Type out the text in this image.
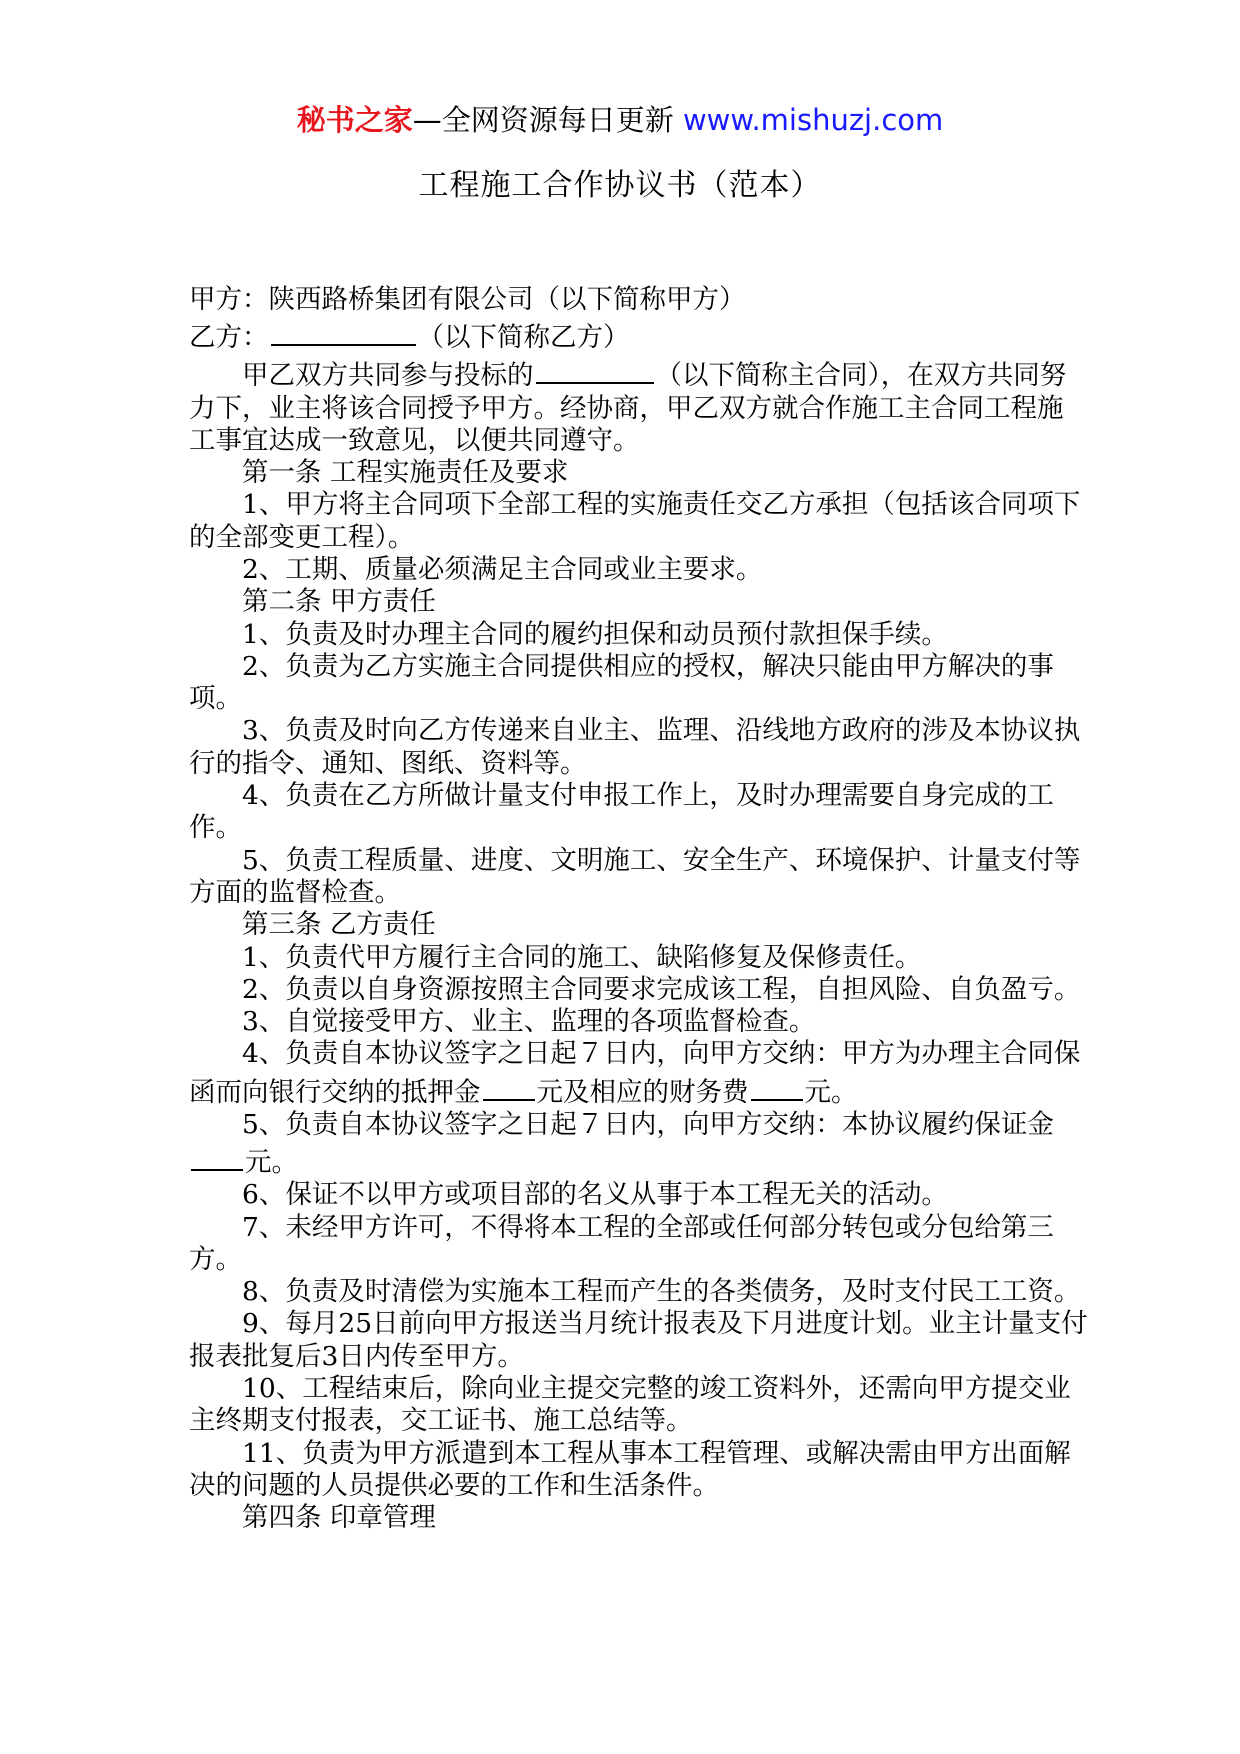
秘书之家—全网资源每日更新 www.mishuzj.com
工程施工合作协议书（范本）

甲方：陕西路桥集团有限公司（以下简称甲方）

乙方：	（以下简称乙方）

甲乙双方共同参与投标的	（以下简称主合同），在双方共同努力下，业主将该合同授予甲方。经协商，甲乙双方就合作施工主合同工程施工事宜达成一致意见，以便共同遵守。

第一条 工程实施责任及要求

1、甲方将主合同项下全部工程的实施责任交乙方承担（包括该合同项下的全部变更工程）。

2、工期、质量必须满足主合同或业主要求。

第二条 甲方责任

1、负责及时办理主合同的履约担保和动员预付款担保手续。

2、负责为乙方实施主合同提供相应的授权，解决只能由甲方解决的事项。

3、负责及时向乙方传递来自业主、监理、沿线地方政府的涉及本协议执行的指令、通知、图纸、资料等。

4、负责在乙方所做计量支付申报工作上，及时办理需要自身完成的工作。

5、负责工程质量、进度、文明施工、安全生产、环境保护、计量支付等方面的监督检查。

第三条 乙方责任

1、负责代甲方履行主合同的施工、缺陷修复及保修责任。

2、负责以自身资源按照主合同要求完成该工程，自担风险、自负盈亏。

3、自觉接受甲方、业主、监理的各项监督检查。

4、负责自本协议签字之日起７日内，向甲方交纳：甲方为办理主合同保函而向银行交纳的抵押金 元及相应的财务费 元。

5、负责自本协议签字之日起７日内，向甲方交纳：本协议履约保证金元。

6、保证不以甲方或项目部的名义从事于本工程无关的活动。

7、未经甲方许可，不得将本工程的全部或任何部分转包或分包给第三方。

8、负责及时清偿为实施本工程而产生的各类债务，及时支付民工工资。

9、每月25日前向甲方报送当月统计报表及下月进度计划。业主计量支付报表批复后3日内传至甲方。

10、工程结束后，除向业主提交完整的竣工资料外，还需向甲方提交业主终期支付报表，交工证书、施工总结等。

11、负责为甲方派遣到本工程从事本工程管理、或解决需由甲方出面解决的问题的人员提供必要的工作和生活条件。

第四条 印章管理
